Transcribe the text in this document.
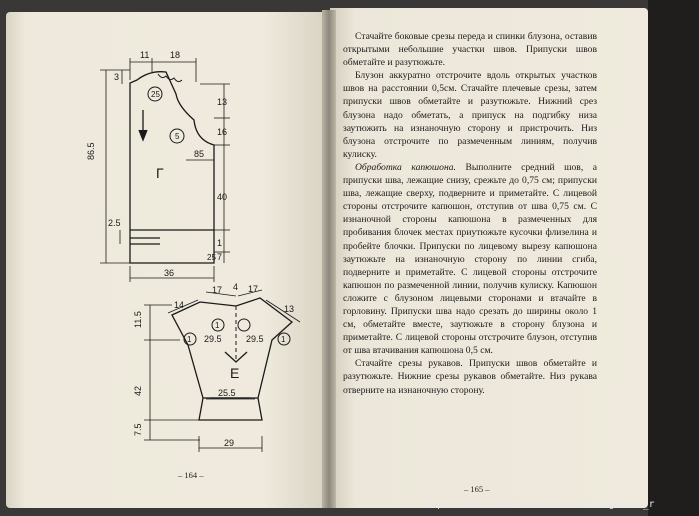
11 18
3
25
5
13
16
85
86.5
Г
40
2.5
1
25 7
36
14
17 4 17
13
11.5
1 29.5
1
29.5 1
Е
25.5
42
7.5
29
– 164 –

Стачайте боковые срезы переда и спинки блузона, оставив открытыми небольшие участки швов. Припуски швов обметайте и разутюжьте.

Блузон аккуратно отстрочите вдоль открытых участков швов на расстоянии 0,5см. Стачайте плечевые срезы, затем припуски швов обметайте и разутюжьте. Нижний срез блузона надо обметать, а припуск на подгибку низа заутюжить на изнаночную сторону и пристрочить. Низ блузона отстрочите по размеченным линиям, получив кулиску.

Обработка капюшона. Выполните средний шов, а припуски шва, лежащие снизу, срежьте до 0,75 см; припуски шва, лежащие сверху, подверните и приметайте. С лицевой стороны отстрочите капюшон, отступив от шва 0,75 см. С изнаночной стороны капюшона в размеченных для пробивания блочек местах приутюжьте кусочки флизелина и пробейте блочки. Припуски по лицевому вырезу капюшона заутюжьте на изнаночную сторону по линии сгиба, подверните и приметайте. С лицевой стороны отстрочите капюшон по размеченной линии, получив кулиску. Капюшон сложите с блузоном лицевыми сторонами и втачайте в горловину. Припуски шва надо срезать до ширины около 1 см, обметайте вместе, заутюжьте в сторону блузона и приметайте. С лицевой стороны отстрочите блузон, отступив от шва втачивания капюшона 0,5 см.

Стачайте срезы рукавов. Припуски швов обметайте и разутюжьте. Нижние срезы рукавов обметайте. Низ рукава отверните на изнаночную сторону.

– 165 –
http://www.liveinternet.ru/users/galina_r
